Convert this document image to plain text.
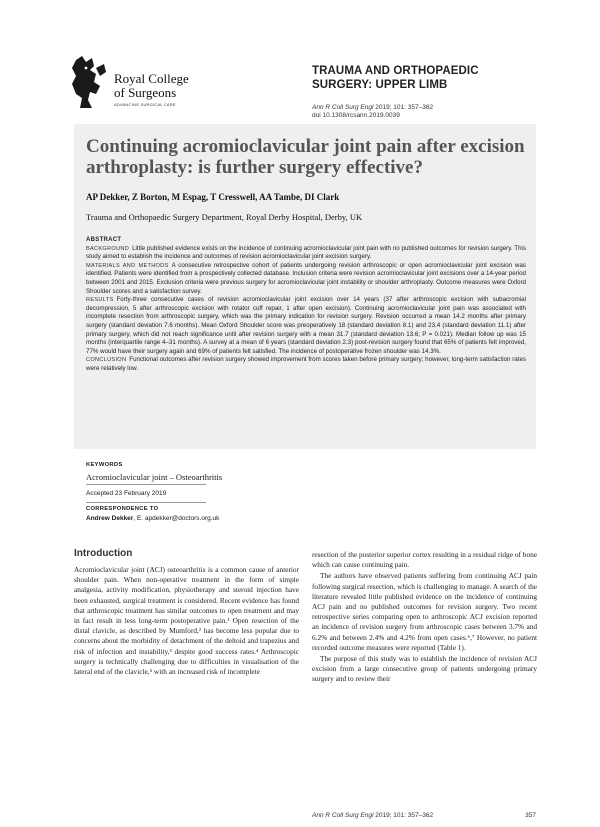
Royal College
of Surgeons
ADVANCING SURGICAL CARE
TRAUMA AND ORTHOPAEDIC
SURGERY: UPPER LIMB
Ann R Coll Surg Engl 2019; 101: 357–362
doi 10.1308/rcsann.2019.0039
Continuing acromioclavicular joint pain after excision arthroplasty: is further surgery effective?
AP Dekker, Z Borton, M Espag, T Cresswell, AA Tambe, DI Clark
Trauma and Orthopaedic Surgery Department, Royal Derby Hospital, Derby, UK

ABSTRACT

BACKGROUND Little published evidence exists on the incidence of continuing acromioclavicular joint pain with no published outcomes for revision surgery. This study aimed to establish the incidence and outcomes of revision acromioclavicular joint excision surgery.

MATERIALS AND METHODS A consecutive retrospective cohort of patients undergoing revision arthroscopic or open acromioclavicular joint excision was identified. Patients were identified from a prospectively collected database. Inclusion criteria were revision acromioclavicular joint excisions over a 14-year period between 2001 and 2015. Exclusion criteria were previous surgery for acromioclavicular joint instability or shoulder arthroplasty. Outcome measures were Oxford Shoulder scores and a satisfaction survey.

RESULTS Forty-three consecutive cases of revision acromioclavicular joint excision over 14 years (37 after arthroscopic excision with subacromial decompression, 5 after arthroscopic excision with rotator cuff repair, 1 after open excision). Continuing acromioclavicular joint pain was associated with incomplete resection from arthroscopic surgery, which was the primary indication for revision surgery. Revision occurred a mean 14.2 months after primary surgery (standard deviation 7.6 months). Mean Oxford Shoulder score was preoperatively 18 (standard deviation 8.1) and 23.4 (standard deviation 11.1) after primary surgery, which did not reach significance until after revision surgery with a mean 31.7 (standard deviation 13.6; P = 0.021). Median follow up was 15 months (interquartile range 4–31 months). A survey at a mean of 6 years (standard deviation 2.3) post-revision surgery found that 65% of patients felt improved, 77% would have their surgery again and 69% of patients felt satisfied. The incidence of postoperative frozen shoulder was 14.3%.

CONCLUSION Functional outcomes after revision surgery showed improvement from scores taken before primary surgery; however, long-term satisfaction rates were relatively low.

KEYWORDS
Acromioclavicular joint – Osteoarthritis
Accepted 23 February 2019
CORRESPONDENCE TO
Andrew Dekker, E: apdekker@doctors.org.uk
Introduction

Acromioclavicular joint (ACJ) osteoarthritis is a common cause of anterior shoulder pain. When non-operative treatment in the form of simple analgesia, activity modification, physiotherapy and steroid injection have been exhausted, surgical treatment is considered. Recent evidence has found that arthroscopic treatment has similar outcomes to open treatment and may in fact result in less long-term postoperative pain.¹ Open resection of the distal clavicle, as described by Mumford,² has become less popular due to concerns about the morbidity of detachment of the deltoid and trapezius and risk of infection and instability,³ despite good success rates.⁴ Arthroscopic surgery is technically challenging due to difficulties in visualisation of the lateral end of the clavicle,⁵ with an increased risk of incomplete

resection of the posterior superior cortex resulting in a residual ridge of bone which can cause continuing pain.

The authors have observed patients suffering from continuing ACJ pain following surgical resection, which is challenging to manage. A search of the literature revealed little published evidence on the incidence of continuing ACJ pain and no published outcomes for revision surgery. Two recent retrospective series comparing open to arthroscopic ACJ excision reported an incidence of revision surgery from arthroscopic cases between 3.7% and 6.2% and between 2.4% and 4.2% from open cases.⁶,⁷ However, no patient recorded outcome measures were reported (Table 1).

The purpose of this study was to establish the incidence of revision ACJ excision from a large consecutive group of patients undergoing primary surgery and to review their

Ann R Coll Surg Engl 2019; 101: 357–362	357
